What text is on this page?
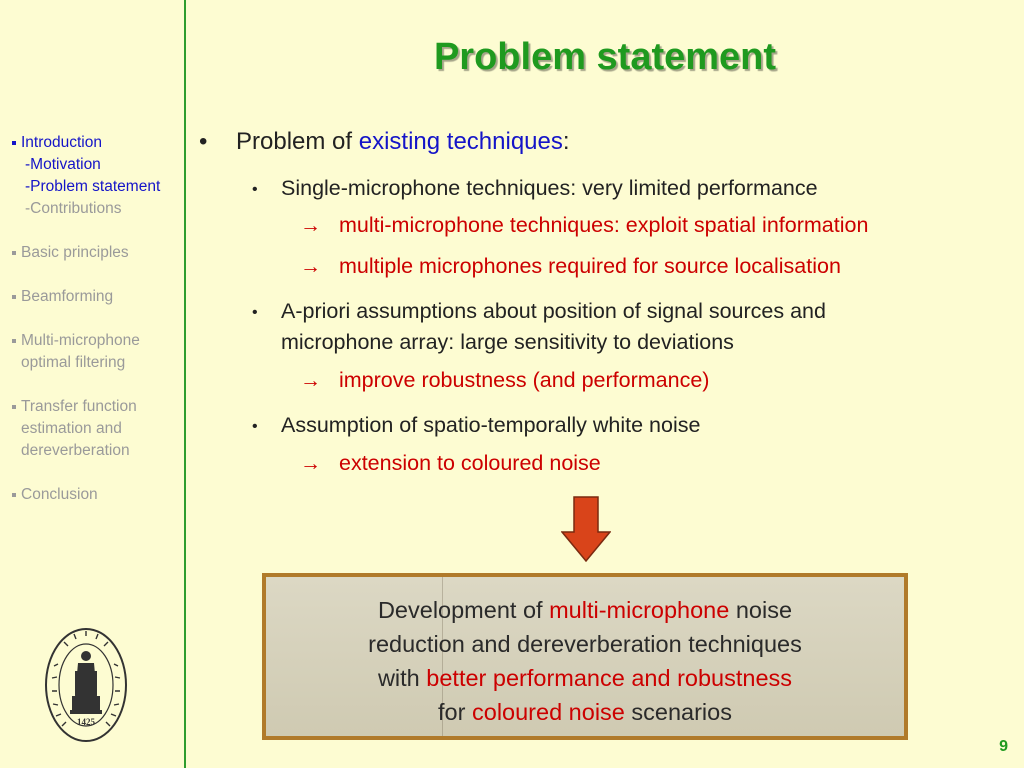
Introduction
-Motivation
-Problem statement
-Contributions
Basic principles
Beamforming
Multi-microphone
optimal filtering
Transfer function
estimation and
dereverberation
Conclusion
1425
Problem statement
• Problem of existing techniques:
• Single-microphone techniques: very limited performance
→ multi-microphone techniques: exploit spatial information
→ multiple microphones required for source localisation
• A-priori assumptions about position of signal sources and
microphone array: large sensitivity to deviations
→ improve robustness (and performance)
• Assumption of spatio-temporally white noise
→ extension to coloured noise
Development of multi-microphone noise
reduction and dereverberation techniques
with better performance and robustness
for coloured noise scenarios
9
